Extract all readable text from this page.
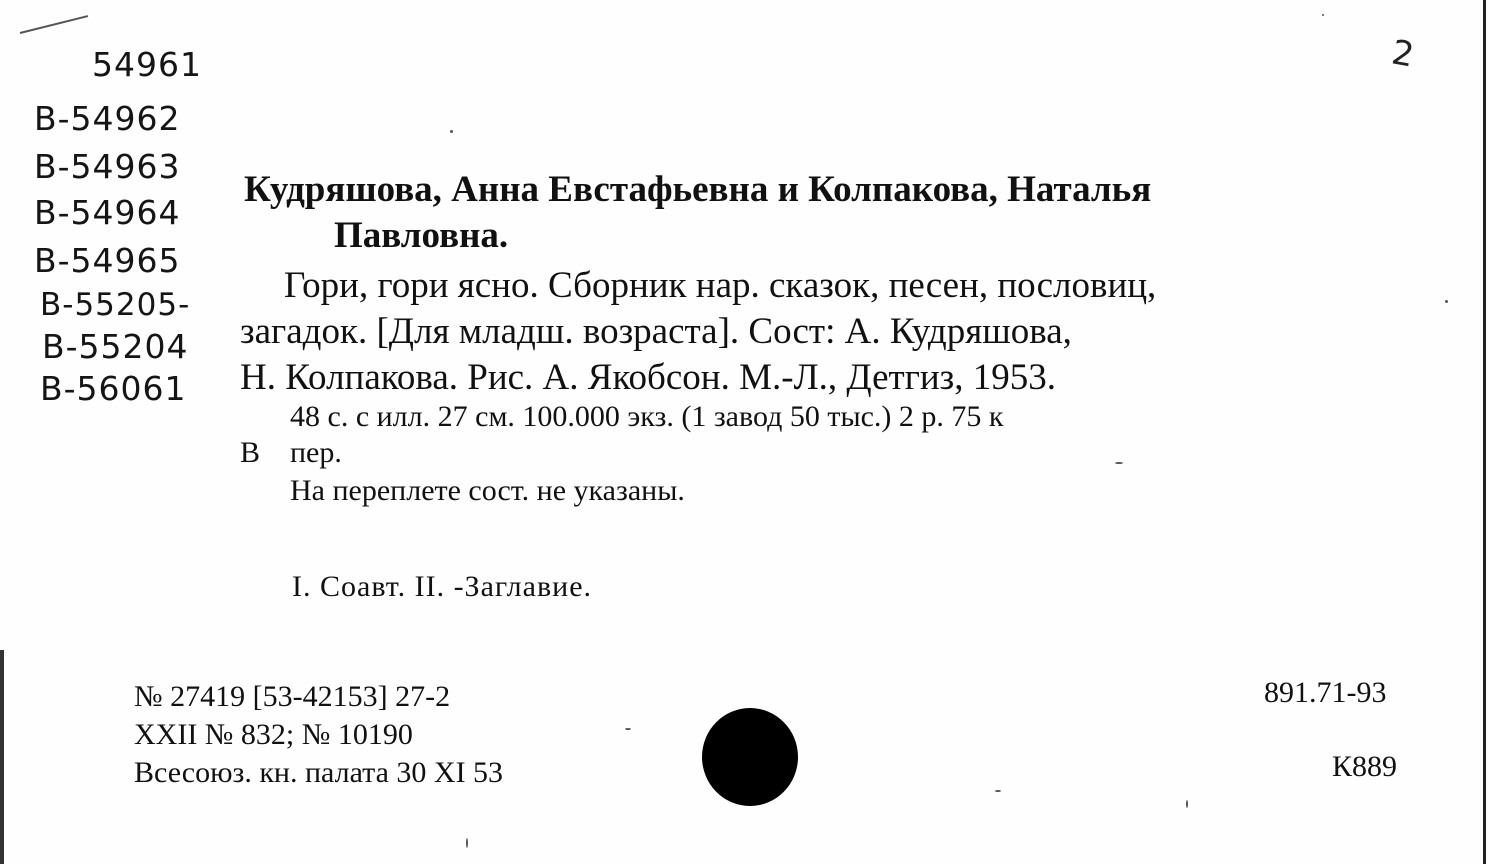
54961
B-54962
B-54963
B-54964
B-54965
B-55205-
B-55204
B-56061
2
Кудряшова, Анна Евстафьевна и Колпакова, Наталья
Павловна.
Гори, гори ясно. Сборник нар. сказок, песен, пословиц,
загадок. [Для младш. возраста]. Сост: А. Кудряшова,
Н. Колпакова. Рис. А. Якобсон. М.-Л., Детгиз, 1953.
48 с. с илл. 27 см. 100.000 экз. (1 завод 50 тыс.) 2 р. 75 к
В пер.
На переплете сост. не указаны.
I. Соавт. II. -Заглавие.
№ 27419 [53-42153] 27-2
XXII № 832; № 10190
Всесоюз. кн. палата 30 XI 53
891.71-93
К889
